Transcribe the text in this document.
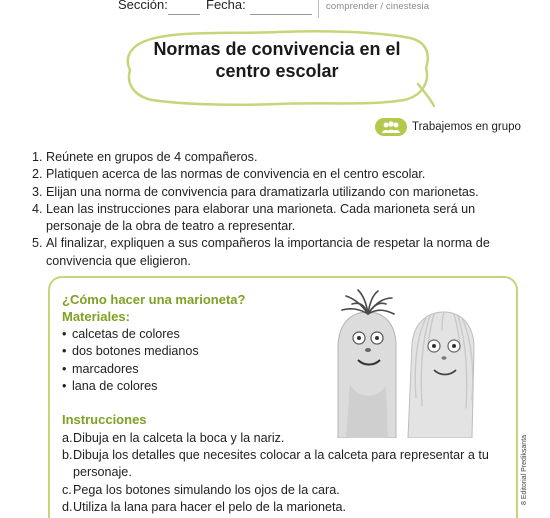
Sección:	Fecha:	comprender / cinestesia
Normas de convivencia en el
centro escolar
Trabajemos en grupo
1. Reúnete en grupos de 4 compañeros.
2. Platiquen acerca de las normas de convivencia en el centro escolar.
3. Elijan una norma de convivencia para dramatizarla utilizando con marionetas.
4. Lean las instrucciones para elaborar una marioneta. Cada marioneta será un personaje de la obra de teatro a representar.
5. Al finalizar, expliquen a sus compañeros la importancia de respetar la norma de convivencia que eligieron.
¿Cómo hacer una marioneta?
Materiales:
• calcetas de colores
• dos botones medianos
• marcadores
• lana de colores
Instrucciones
a. Dibuja en la calceta la boca y la nariz.
b. Dibuja los detalles que necesites colocar a la calceta para representar a tu personaje.
c. Pega los botones simulando los ojos de la cara.
d. Utiliza la lana para hacer el pelo de la marioneta.
8 Editorial Prediksanta
